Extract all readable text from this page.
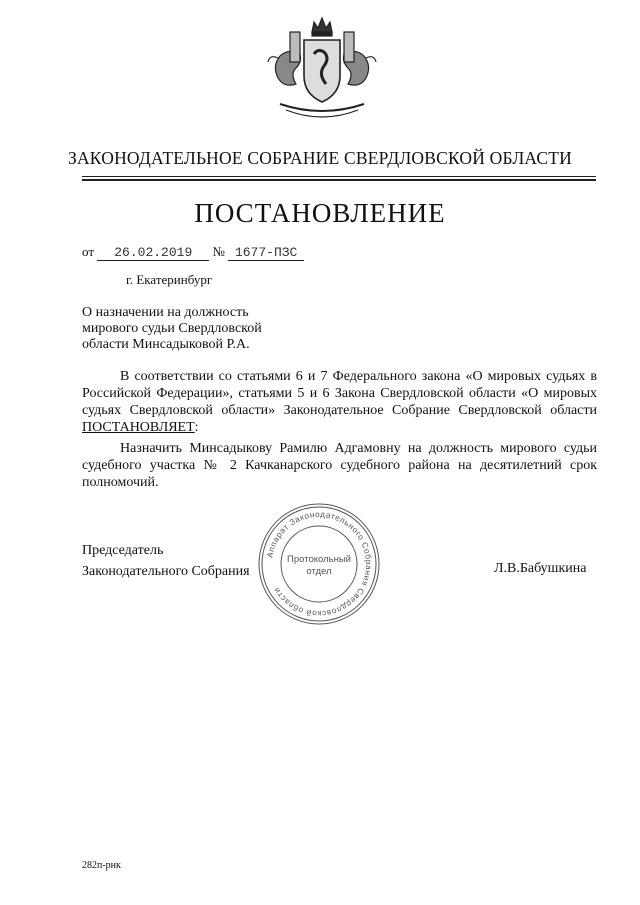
ЗАКОНОДАТЕЛЬНОЕ СОБРАНИЕ СВЕРДЛОВСКОЙ ОБЛАСТИ
ПОСТАНОВЛЕНИЕ
от 26.02.2019 № 1677-ПЗС
г. Екатеринбург
О назначении на должность
мирового судьи Свердловской
области Минсадыковой Р.А.

В соответствии со статьями 6 и 7 Федерального закона «О мировых судьях в Российской Федерации», статьями 5 и 6 Закона Свердловской области «О мировых судьях Свердловской области» Законодательное Собрание Свердловской области ПОСТАНОВЛЯЕТ:

Назначить Минсадыкову Рамилю Адгамовну на должность мирового судьи судебного участка № 2 Качканарского судебного района на десятилетний срок полномочий.

Председатель
Законодательного Собрания
Аппарат Законодательного Собрания Свердловской области
Протокольный
отдел	Л.В.Бабушкина
282п-рнк
